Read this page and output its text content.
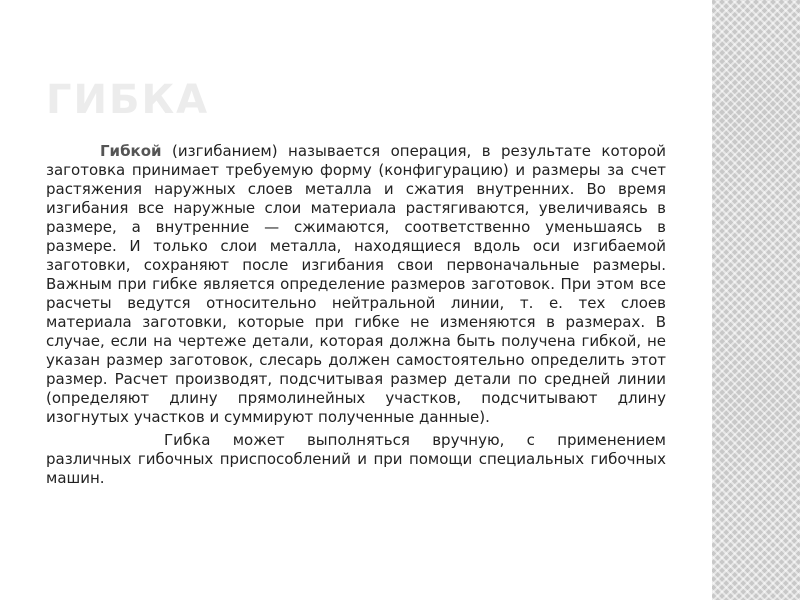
ГИБКА

Гибкой (изгибанием) называется операция, в результате которой заготовка принимает требуемую форму (конфигурацию) и размеры за счет растяжения наружных слоев металла и сжатия внутренних. Во время изгибания все наружные слои материала растягиваются, увеличиваясь в размере, а внутренние — сжимаются, соответственно уменьшаясь в размере. И только слои металла, находящиеся вдоль оси изгибаемой заготовки, сохраняют после изгибания свои первоначальные размеры. Важным при гибке является определение размеров заготовок. При этом все расчеты ведутся относительно нейтральной линии, т. е. тех слоев материала заготовки, которые при гибке не изменяются в размерах. В случае, если на чертеже детали, которая должна быть получена гибкой, не указан размер заготовок, слесарь должен самостоятельно определить этот размер. Расчет производят, подсчитывая размер детали по средней линии (определяют длину прямолинейных участков, подсчитывают длину изогнутых участков и суммируют полученные данные).

Гибка может выполняться вручную, с применением различных гибочных приспособлений и при помощи специальных гибочных машин.
